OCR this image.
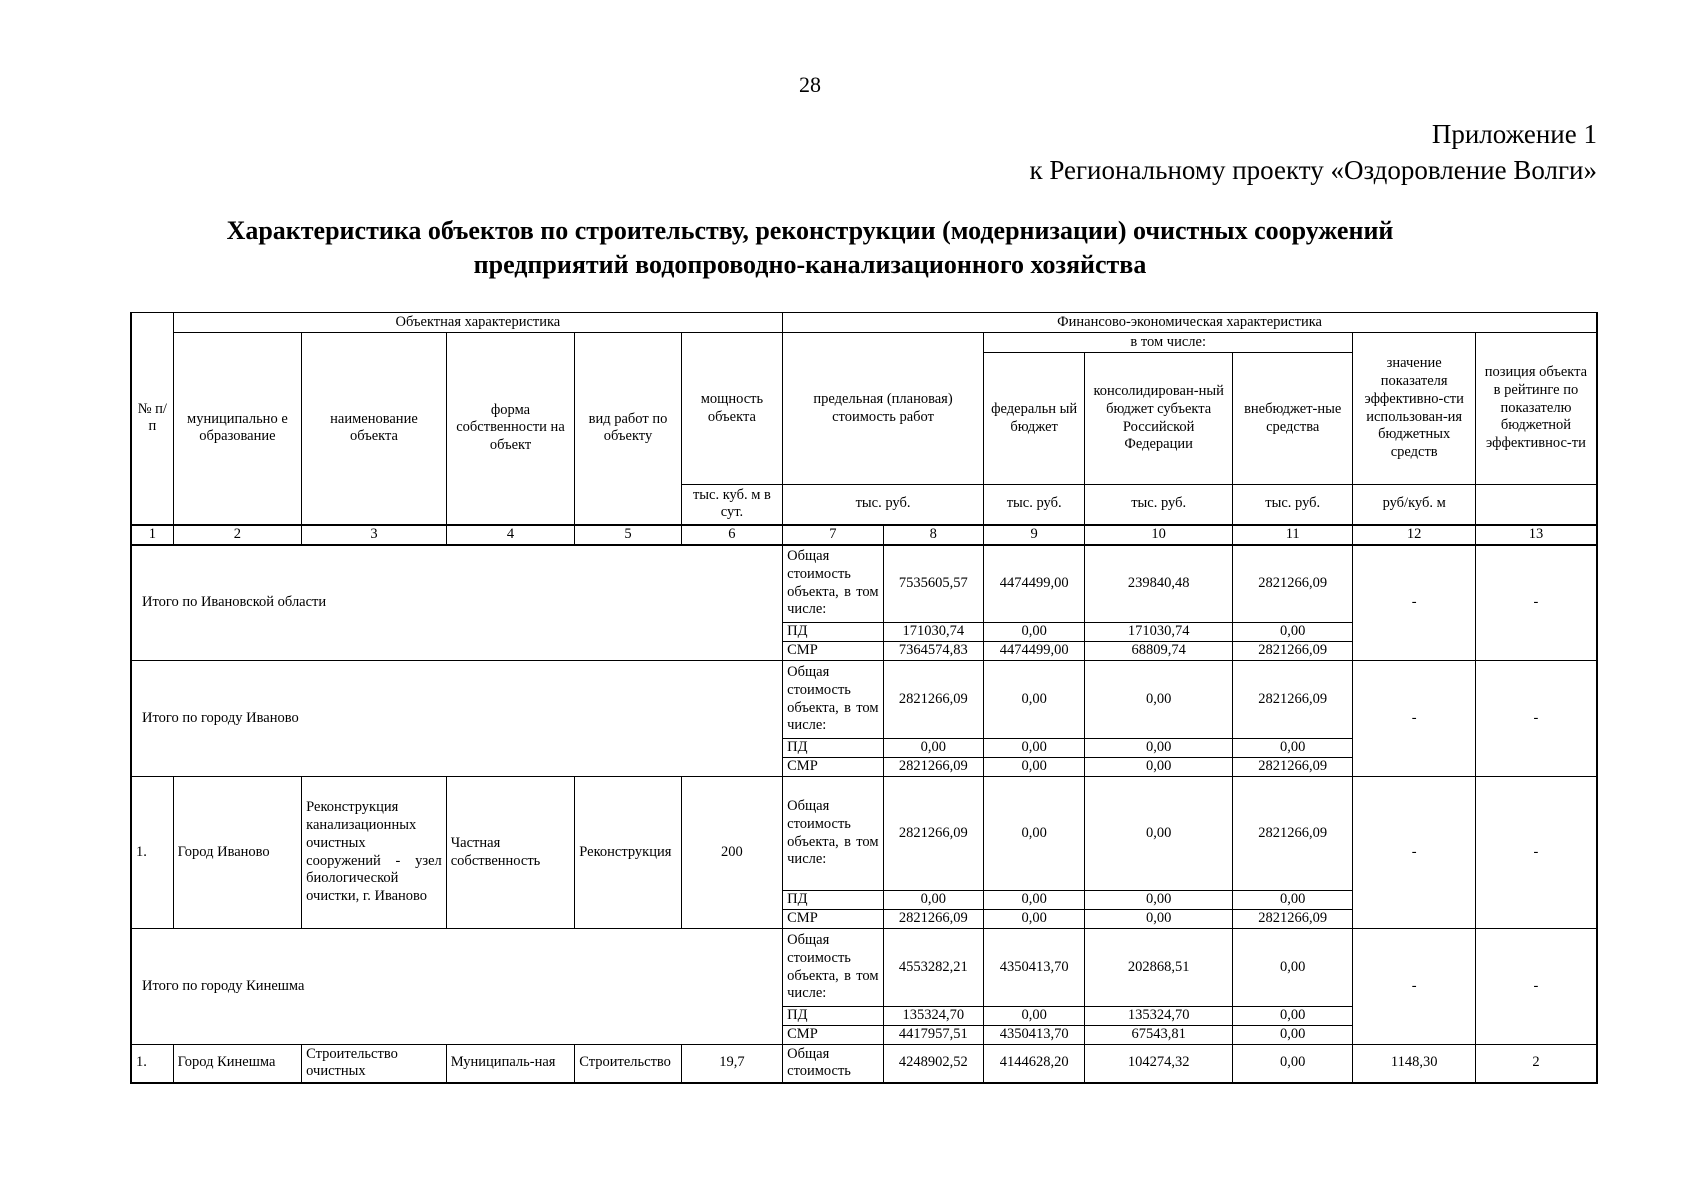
28
Приложение 1
к Региональному проекту «Оздоровление Волги»
Характеристика объектов по строительству, реконструкции (модернизации) очистных сооружений
предприятий водопроводно-канализационного хозяйства
№ п/п	Объектная характеристика					Финансово-экономическая характеристика						
	муниципально е образование	наименование объекта	форма собственности на объект	вид работ по объекту	мощность объекта	предельная (плановая) стоимость работ		в том числе:			значение показателя эффективно-сти использован-ия бюджетных средств	позиция объекта в рейтинге по показателю бюджетной эффективнос-ти
								федеральн ый бюджет	консолидирован-ный бюджет субъекта Российской Федерации	внебюджет-ные средства		
					тыс. куб. м в сут.	тыс. руб.		тыс. руб.	тыс. руб.	тыс. руб.	руб/куб. м	
1	2	3	4	5	6	7	8	9	10	11	12	13
Итого по Ивановской области						Общая стоимость объекта, в том числе:	7535605,57	4474499,00	239840,48	2821266,09	-	-
						ПД	171030,74	0,00	171030,74	0,00		
						СМР	7364574,83	4474499,00	68809,74	2821266,09		
Итого по городу Иваново						Общая стоимость объекта, в том числе:	2821266,09	0,00	0,00	2821266,09	-	-
						ПД	0,00	0,00	0,00	0,00		
						СМР	2821266,09	0,00	0,00	2821266,09		
1.	Город Иваново	Реконструкция канализационных очистных сооружений - узел биологической очистки, г. Иваново	Частная собственность	Реконструкция	200	Общая стоимость объекта, в том числе:	2821266,09	0,00	0,00	2821266,09	-	-
						ПД	0,00	0,00	0,00	0,00		
						СМР	2821266,09	0,00	0,00	2821266,09		
Итого по городу Кинешма						Общая стоимость объекта, в том числе:	4553282,21	4350413,70	202868,51	0,00	-	-
						ПД	135324,70	0,00	135324,70	0,00		
						СМР	4417957,51	4350413,70	67543,81	0,00		
1.	Город Кинешма	Строительство очистных	Муниципаль-ная	Строительство	19,7	Общая стоимость	4248902,52	4144628,20	104274,32	0,00	1148,30	2
